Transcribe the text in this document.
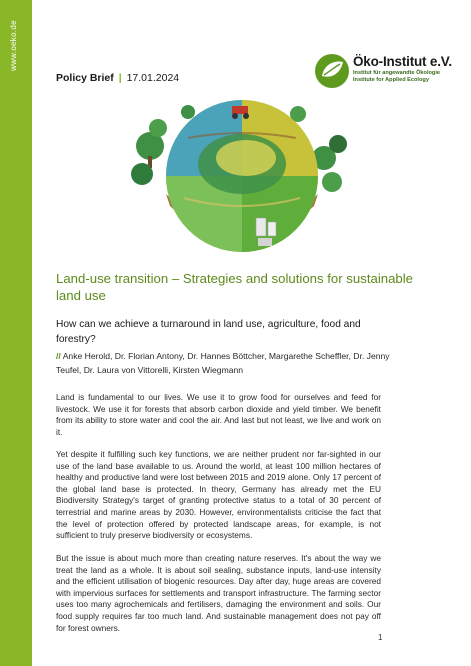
www.oeko.de	Öko-Institut e.V.
Institut für angewandte Ökologie
Institute for Applied Ecology
Policy Brief | 17.01.2024
Land-use transition – Strategies and solutions for sustainable land use
How can we achieve a turnaround in land use, agriculture, food and forestry?
// Anke Herold, Dr. Florian Antony, Dr. Hannes Böttcher, Margarethe Scheffler, Dr. Jenny Teufel, Dr. Laura von Vittorelli, Kirsten Wiegmann

Land is fundamental to our lives. We use it to grow food for ourselves and feed for livestock. We use it for forests that absorb carbon dioxide and yield timber. We benefit from its ability to store water and cool the air. And last but not least, we live and work on it.

Yet despite it fulfilling such key functions, we are neither prudent nor far-sighted in our use of the land base available to us. Around the world, at least 100 million hectares of healthy and productive land were lost between 2015 and 2019 alone. Only 17 percent of the global land base is protected. In theory, Germany has already met the EU Biodiversity Strategy's target of granting protective status to a total of 30 percent of terrestrial and marine areas by 2030. However, environmentalists criticise the fact that the level of protection offered by protected landscape areas, for example, is not sufficient to truly preserve biodiversity or ecosystems.

But the issue is about much more than creating nature reserves. It's about the way we treat the land as a whole. It is about soil sealing, substance inputs, land-use intensity and the efficient utilisation of biogenic resources. Day after day, huge areas are covered with impervious surfaces for settlements and transport infrastructure. The farming sector uses too many agrochemicals and fertilisers, damaging the environment and soils. Our food supply requires far too much land. And sustainable management does not pay off for forest owners.

1
